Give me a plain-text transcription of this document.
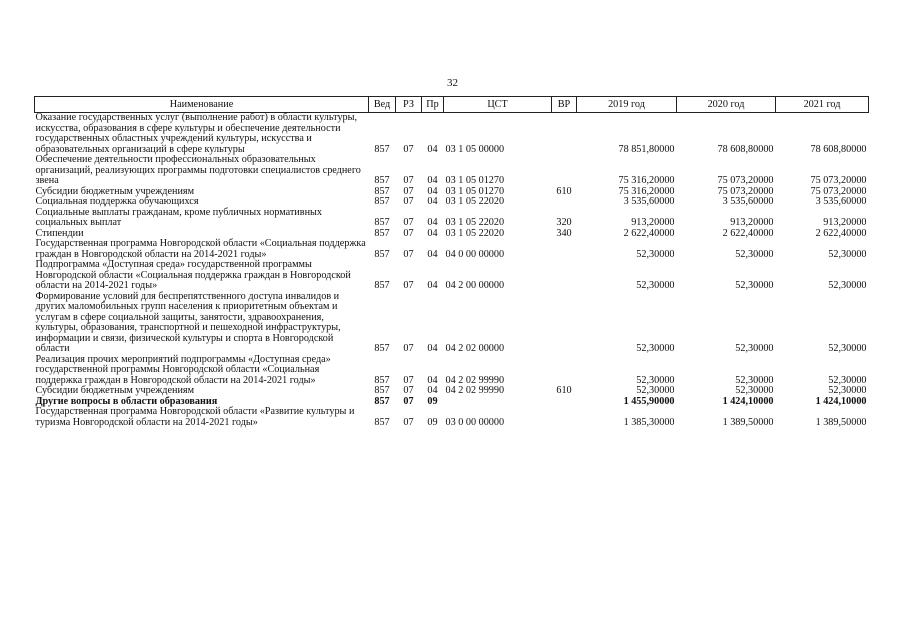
32
Наименование	Вед	РЗ	Пр	ЦСТ	ВР	2019 год	2020 год	2021 год
Оказание государственных услуг (выполнение работ) в области культуры, искусства, образования в сфере культуры и обеспечение деятельности государственных областных учреждений культуры, искусства и образовательных организаций в сфере культуры	857	07	04	03 1 05 00000		78 851,80000	78 608,80000	78 608,80000
Обеспечение деятельности профессиональных образовательных организаций, реализующих программы подготовки специалистов среднего звена	857	07	04	03 1 05 01270		75 316,20000	75 073,20000	75 073,20000
Субсидии бюджетным учреждениям	857	07	04	03 1 05 01270	610	75 316,20000	75 073,20000	75 073,20000
Социальная поддержка обучающихся	857	07	04	03 1 05 22020		3 535,60000	3 535,60000	3 535,60000
Социальные выплаты гражданам, кроме публичных нормативных социальных выплат	857	07	04	03 1 05 22020	320	913,20000	913,20000	913,20000
Стипендии	857	07	04	03 1 05 22020	340	2 622,40000	2 622,40000	2 622,40000
Государственная программа Новгородской области «Социальная поддержка граждан в Новгородской области на 2014-2021 годы»	857	07	04	04 0 00 00000		52,30000	52,30000	52,30000
Подпрограмма «Доступная среда» государственной программы Новгородской области «Социальная поддержка граждан в Новгородской области на 2014-2021 годы»	857	07	04	04 2 00 00000		52,30000	52,30000	52,30000
Формирование условий для беспрепятственного доступа инвалидов и других маломобильных групп населения к приоритетным объектам и услугам в сфере социальной защиты, занятости, здравоохранения, культуры, образования, транспортной и пешеходной инфраструктуры, информации и связи, физической культуры и спорта в Новгородской области	857	07	04	04 2 02 00000		52,30000	52,30000	52,30000
Реализация прочих мероприятий подпрограммы «Доступная среда» государственной программы Новгородской области «Социальная поддержка граждан в Новгородской области на 2014-2021 годы»	857	07	04	04 2 02 99990		52,30000	52,30000	52,30000
Субсидии бюджетным учреждениям	857	07	04	04 2 02 99990	610	52,30000	52,30000	52,30000
Другие вопросы в области образования	857	07	09			1 455,90000	1 424,10000	1 424,10000
Государственная программа Новгородской области «Развитие культуры и туризма Новгородской области на 2014-2021 годы»	857	07	09	03 0 00 00000		1 385,30000	1 389,50000	1 389,50000
